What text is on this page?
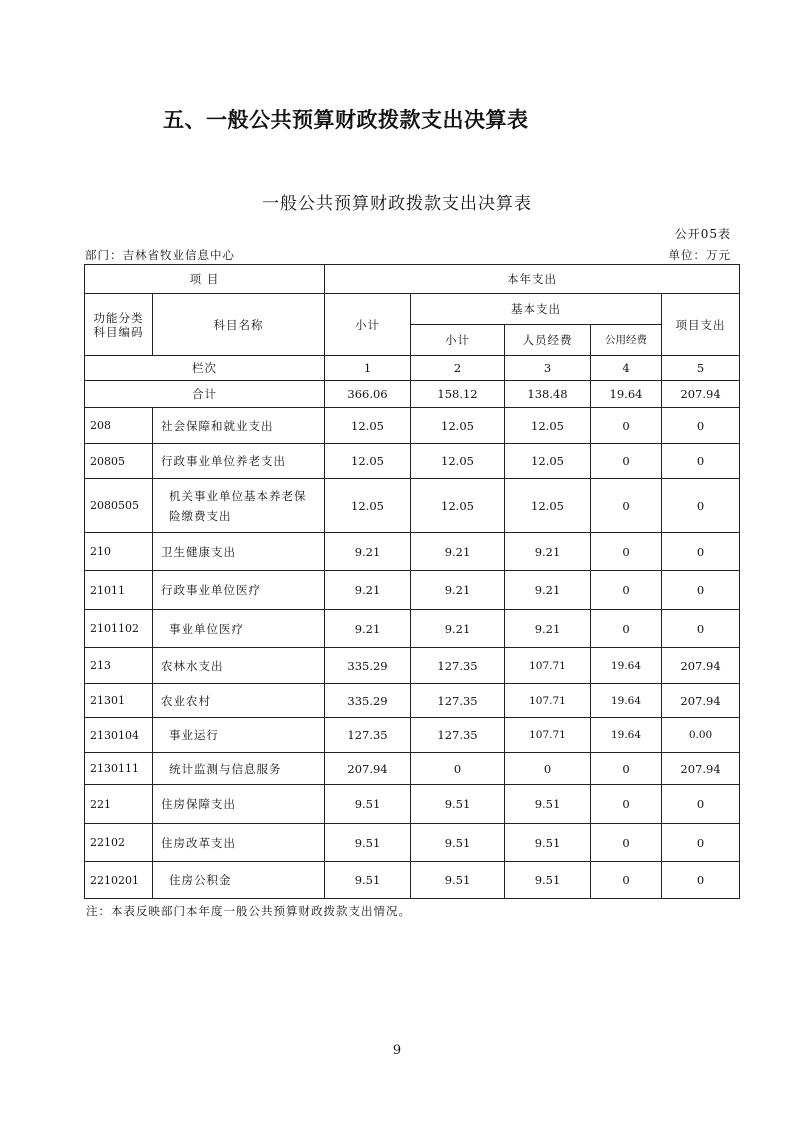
五、一般公共预算财政拨款支出决算表
一般公共预算财政拨款支出决算表
公开05表
部门：吉林省牧业信息中心	单位：万元
项 目		本年支出				
功能分类科目编码	科目名称	小计	基本支出			项目支出
			小计	人员经费	公用经费	
栏次		1	2	3	4	5
合计		366.06	158.12	138.48	19.64	207.94
208	社会保障和就业支出	12.05	12.05	12.05	0	0
20805	行政事业单位养老支出	12.05	12.05	12.05	0	0
2080505	机关事业单位基本养老保险缴费支出	12.05	12.05	12.05	0	0
210	卫生健康支出	9.21	9.21	9.21	0	0
21011	行政事业单位医疗	9.21	9.21	9.21	0	0
2101102	事业单位医疗	9.21	9.21	9.21	0	0
213	农林水支出	335.29	127.35	107.71	19.64	207.94
21301	农业农村	335.29	127.35	107.71	19.64	207.94
2130104	事业运行	127.35	127.35	107.71	19.64	0.00
2130111	统计监测与信息服务	207.94	0	0	0	207.94
221	住房保障支出	9.51	9.51	9.51	0	0
22102	住房改革支出	9.51	9.51	9.51	0	0
2210201	住房公积金	9.51	9.51	9.51	0	0
注：本表反映部门本年度一般公共预算财政拨款支出情况。
9
